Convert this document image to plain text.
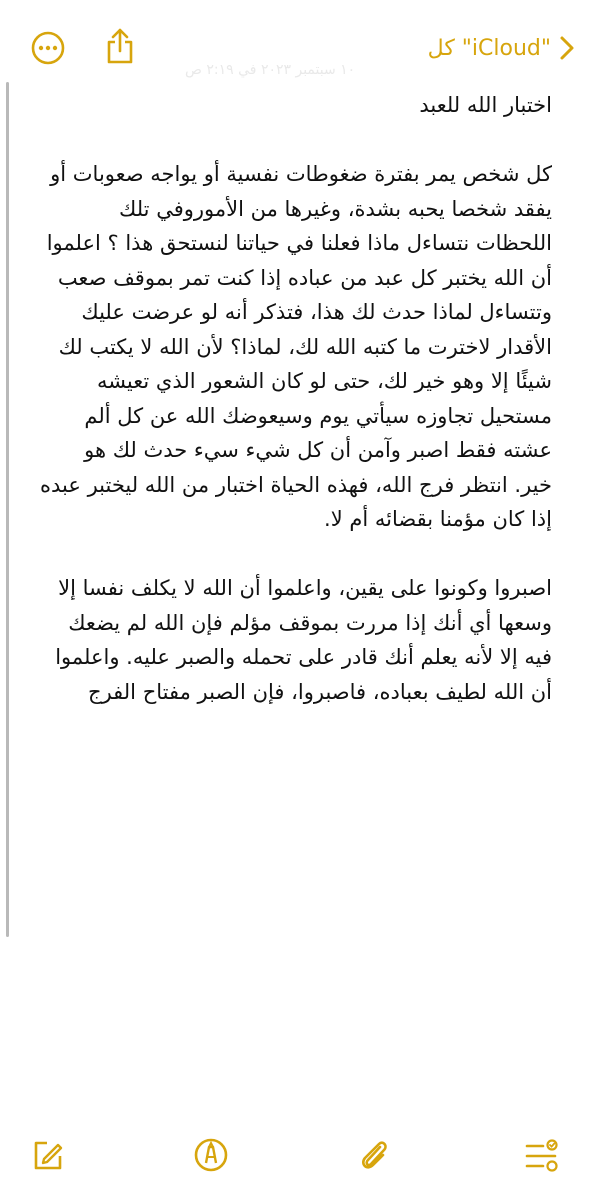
١٠ سبتمبر ٢٠٢٣ في ٢:١٩ ص
كل "iCloud"

اختبار الله للعبد

كل شخص يمر بفترة ضغوطات نفسية أو يواجه صعوبات أو يفقد شخصا يحبه بشدة، وغيرها من الأموروفي تلك اللحظات نتساءل ماذا فعلنا في حياتنا لنستحق هذا ؟ اعلموا أن الله يختبر كل عبد من عباده إذا كنت تمر بموقف صعب وتتساءل لماذا حدث لك هذا، فتذكر أنه لو عرضت عليك الأقدار لاخترت ما كتبه الله لك، لماذا؟ لأن الله لا يكتب لك شيئًا إلا وهو خير لك، حتى لو كان الشعور الذي تعيشه مستحيل تجاوزه سيأتي يوم وسيعوضك الله عن كل ألم عشته فقط اصبر وآمن أن كل شيء سيء حدث لك هو خير. انتظر فرج الله، فهذه الحياة اختبار من الله ليختبر عبده إذا كان مؤمنا بقضائه أم لا.

اصبروا وكونوا على يقين، واعلموا أن الله لا يكلف نفسا إلا وسعها أي أنك إذا مررت بموقف مؤلم فإن الله لم يضعك فيه إلا لأنه يعلم أنك قادر على تحمله والصبر عليه. واعلموا أن الله لطيف بعباده، فاصبروا، فإن الصبر مفتاح الفرج
